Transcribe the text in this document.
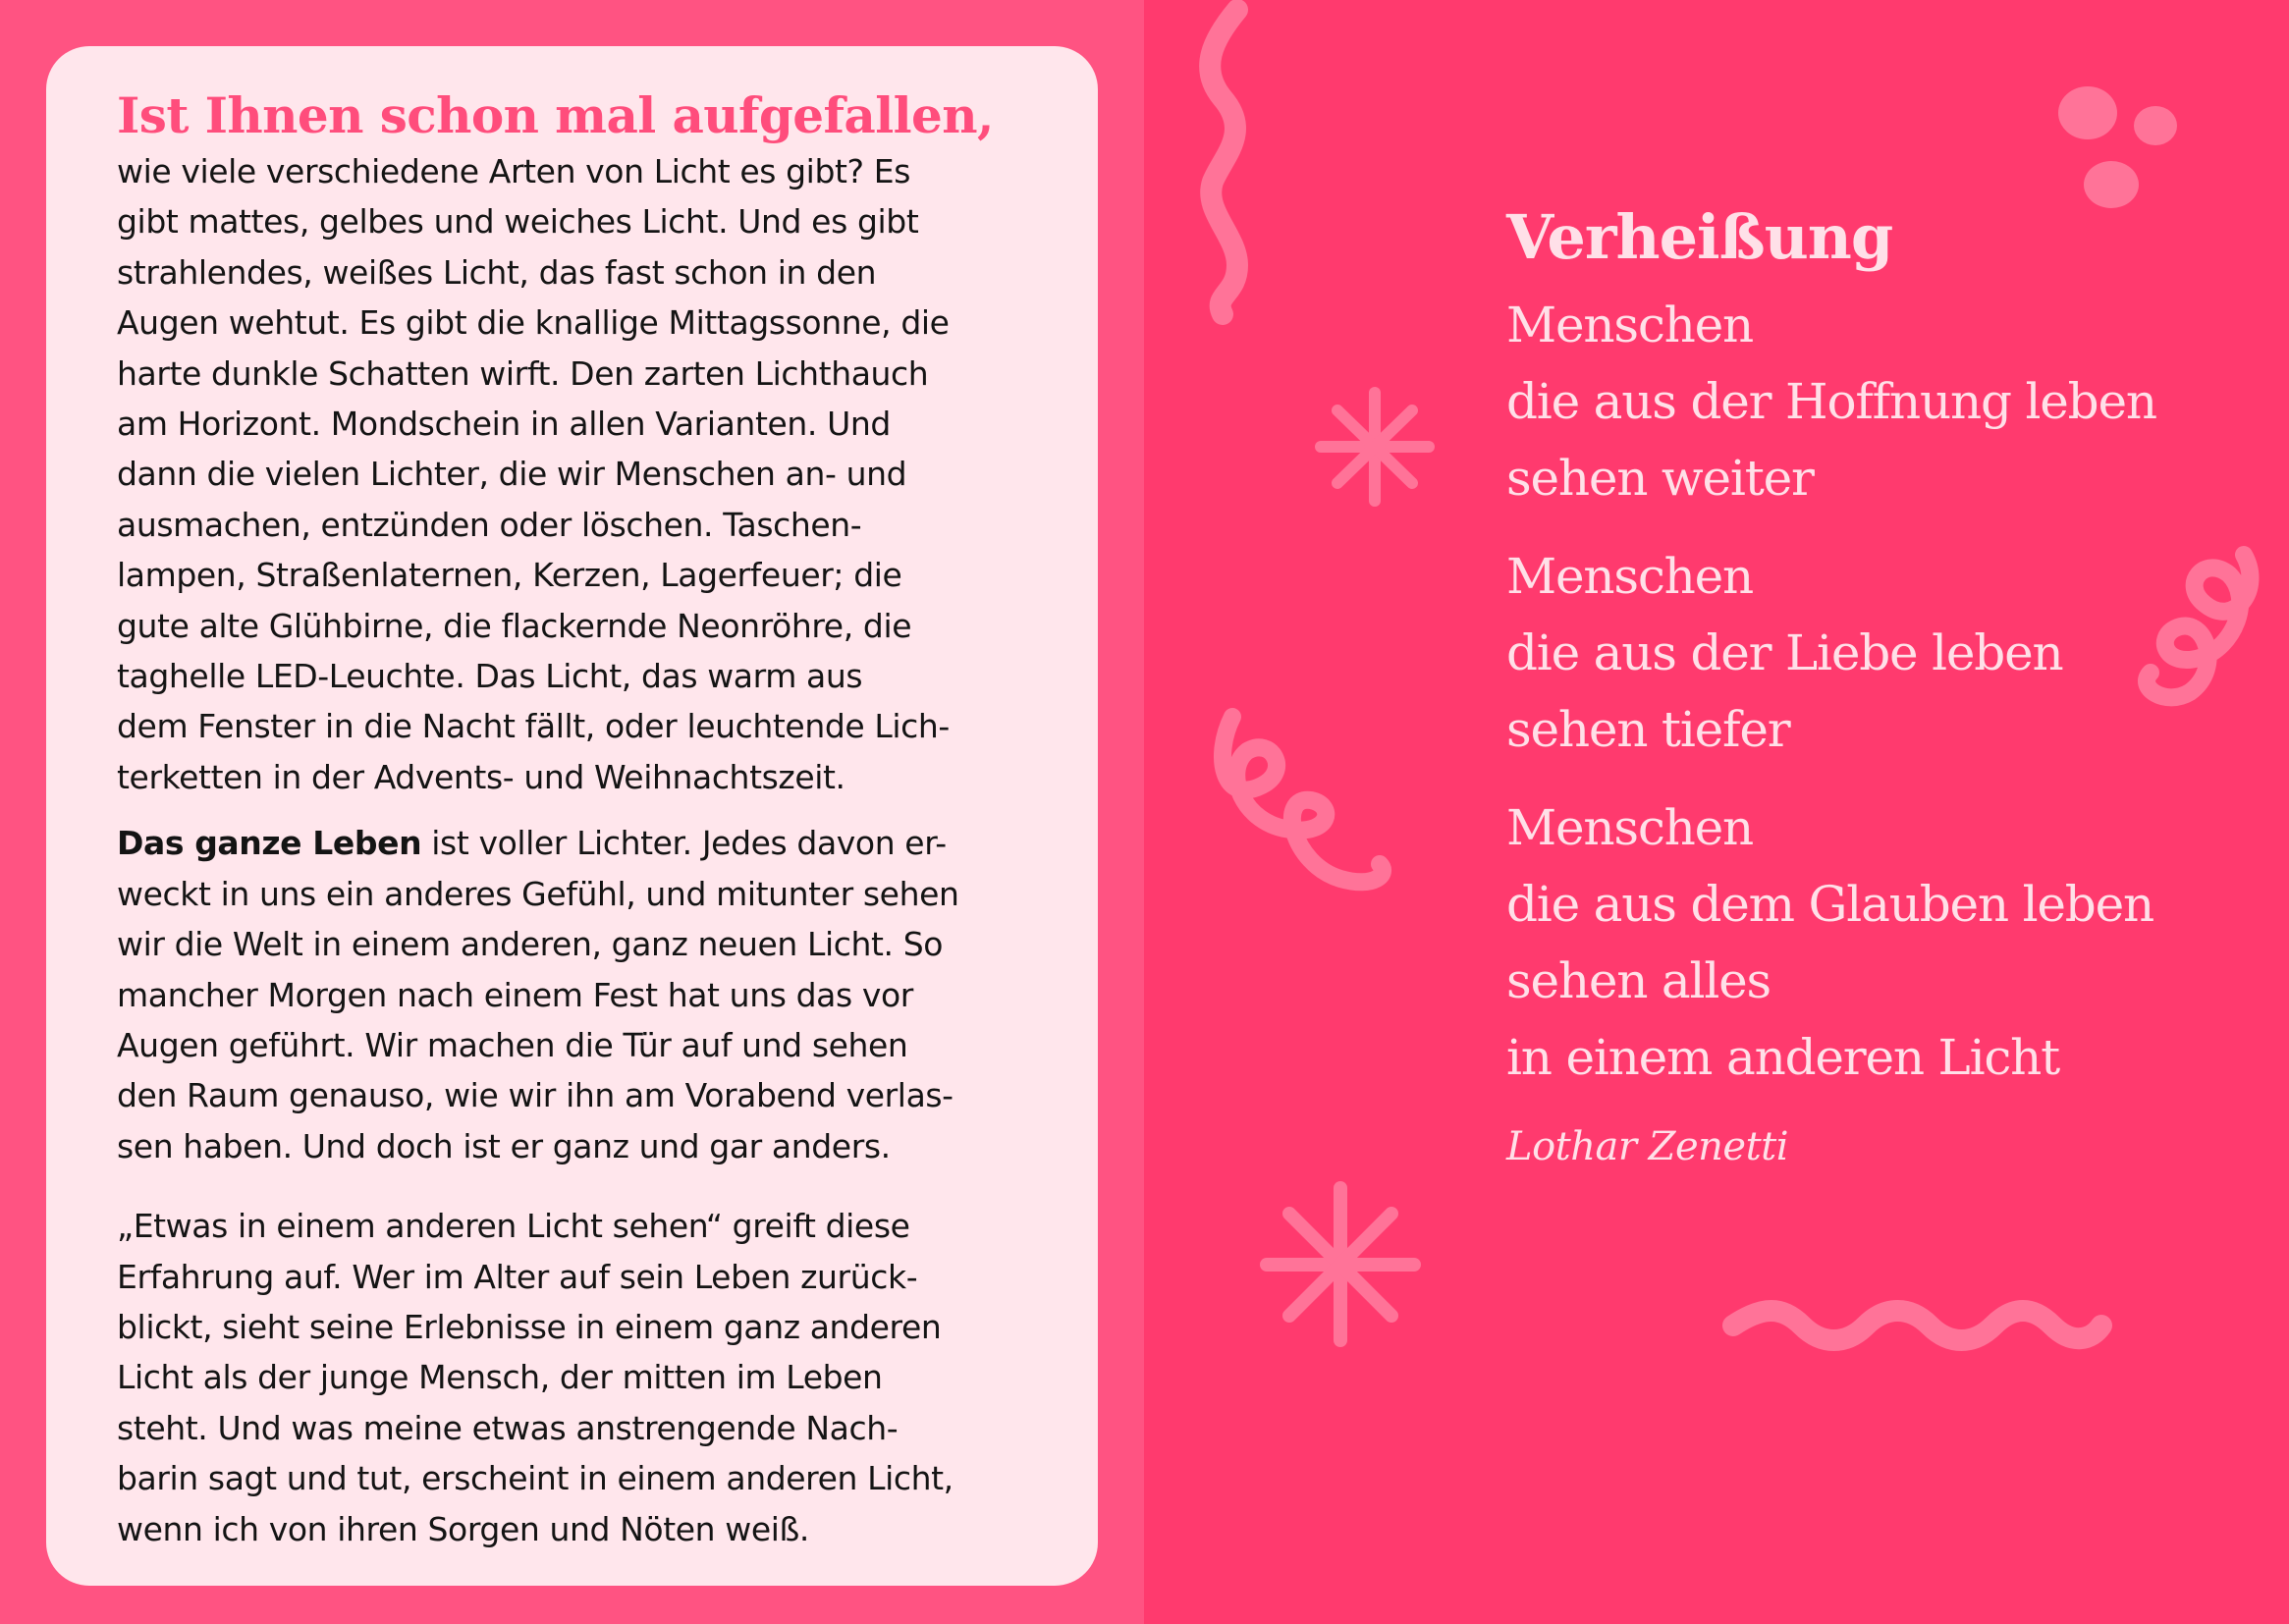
Ist Ihnen schon mal aufgefallen,

wie viele verschiedene Arten von Licht es gibt? Es
gibt mattes, gelbes und weiches Licht. Und es gibt
strahlendes, weißes Licht, das fast schon in den
Augen wehtut. Es gibt die knallige Mittagssonne, die
harte dunkle Schatten wirft. Den zarten Lichthauch
am Horizont. Mondschein in allen Varianten. Und
dann die vielen Lichter, die wir Menschen an- und
ausmachen, entzünden oder löschen. Taschen-
lampen, Straßenlaternen, Kerzen, Lagerfeuer; die
gute alte Glühbirne, die flackernde Neonröhre, die
taghelle LED-Leuchte. Das Licht, das warm aus
dem Fenster in die Nacht fällt, oder leuchtende Lich-
terketten in der Advents- und Weihnachtszeit.

Das ganze Leben ist voller Lichter. Jedes davon er-
weckt in uns ein anderes Gefühl, und mitunter sehen
wir die Welt in einem anderen, ganz neuen Licht. So
mancher Morgen nach einem Fest hat uns das vor
Augen geführt. Wir machen die Tür auf und sehen
den Raum genauso, wie wir ihn am Vorabend verlas-
sen haben. Und doch ist er ganz und gar anders.

„Etwas in einem anderen Licht sehen“ greift diese
Erfahrung auf. Wer im Alter auf sein Leben zurück-
blickt, sieht seine Erlebnisse in einem ganz anderen
Licht als der junge Mensch, der mitten im Leben
steht. Und was meine etwas anstrengende Nach-
barin sagt und tut, erscheint in einem anderen Licht,
wenn ich von ihren Sorgen und Nöten weiß.

Verheißung
Menschen
die aus der Hoffnung leben
sehen weiter
Menschen
die aus der Liebe leben
sehen tiefer
Menschen
die aus dem Glauben leben
sehen alles
in einem anderen Licht
Lothar Zenetti
